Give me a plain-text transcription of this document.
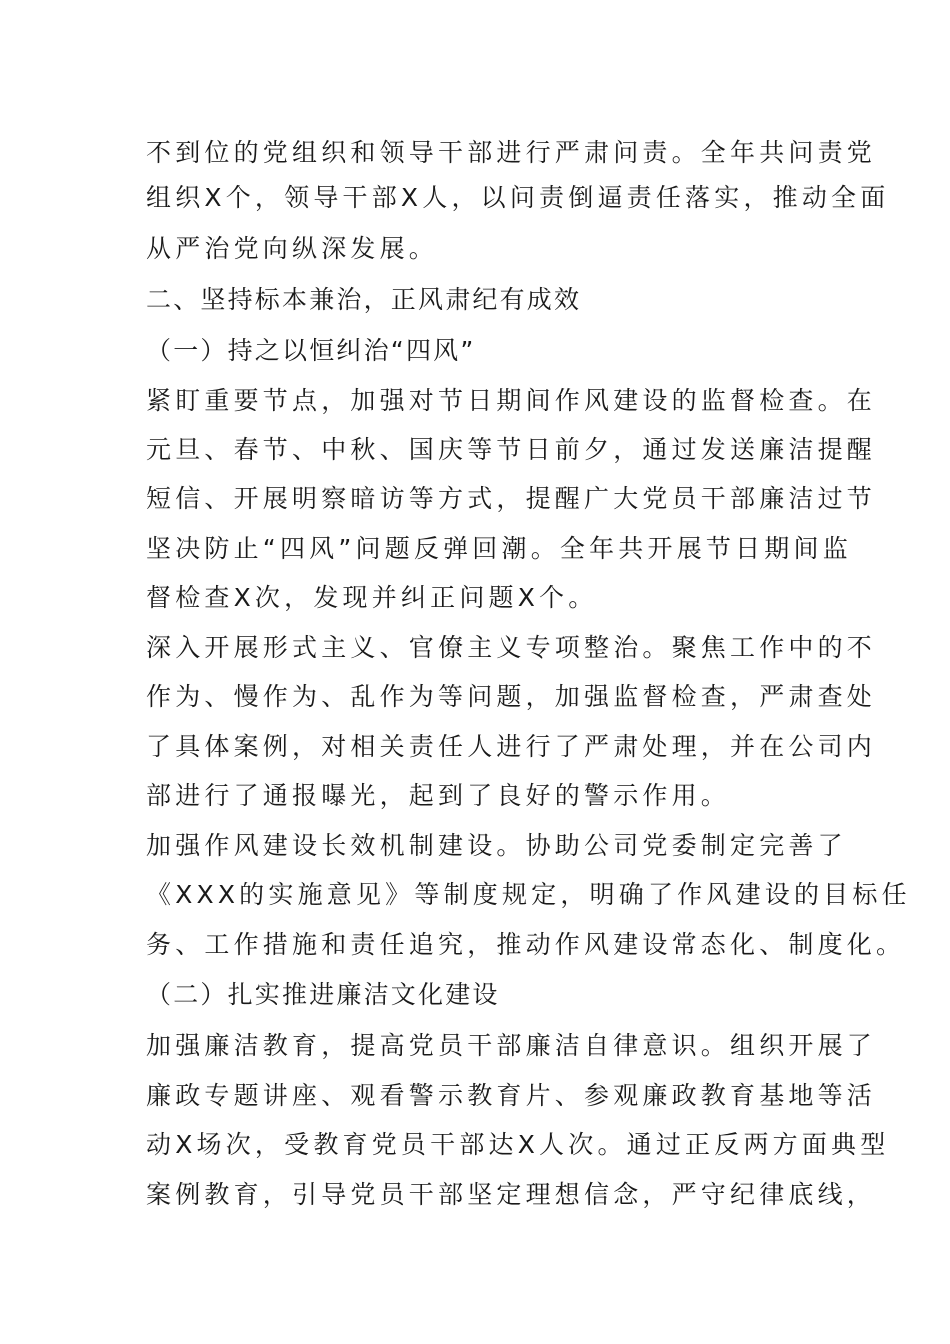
不到位的党组织和领导干部进行严肃问责。全年共问责党
组织X个，领导干部X人，以问责倒逼责任落实，推动全面
从严治党向纵深发展。
二、坚持标本兼治，正风肃纪有成效
（一）持之以恒纠治“四风”
紧盯重要节点，加强对节日期间作风建设的监督检查。在
元旦、春节、中秋、国庆等节日前夕，通过发送廉洁提醒
短信、开展明察暗访等方式，提醒广大党员干部廉洁过节
坚决防止“四风”问题反弹回潮。全年共开展节日期间监
督检查X次，发现并纠正问题X个。
深入开展形式主义、官僚主义专项整治。聚焦工作中的不
作为、慢作为、乱作为等问题，加强监督检查，严肃查处
了具体案例，对相关责任人进行了严肃处理，并在公司内
部进行了通报曝光，起到了良好的警示作用。
加强作风建设长效机制建设。协助公司党委制定完善了
《XXX的实施意见》等制度规定，明确了作风建设的目标任
务、工作措施和责任追究，推动作风建设常态化、制度化。
（二）扎实推进廉洁文化建设
加强廉洁教育，提高党员干部廉洁自律意识。组织开展了
廉政专题讲座、观看警示教育片、参观廉政教育基地等活
动X场次，受教育党员干部达X人次。通过正反两方面典型
案例教育，引导党员干部坚定理想信念，严守纪律底线，
